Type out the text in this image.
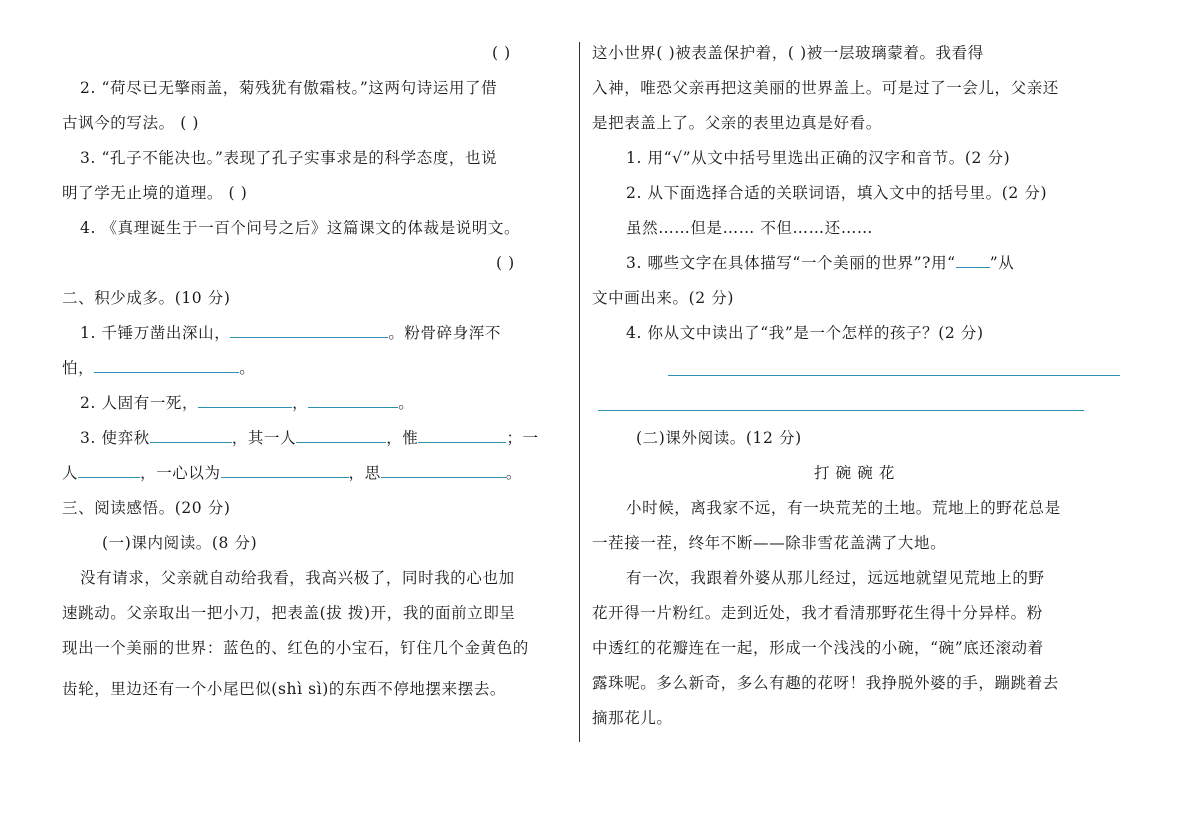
( )
2. “荷尽已无擎雨盖，菊残犹有傲霜枝。”这两句诗运用了借
古讽今的写法。 ( )
3. “孔子不能决也。”表现了孔子实事求是的科学态度，也说
明了学无止境的道理。 ( )
4. 《真理诞生于一百个问号之后》这篇课文的体裁是说明文。
( )
二、积少成多。(10 分)
1. 千锤万凿出深山，	。粉骨碎身浑不
怕，	。
2. 人固有一死，	，	。
3. 使弈秋	，其一人	，惟	；一
人	，一心以为	，思	。
三、阅读感悟。(20 分)
(一)课内阅读。(8 分)
没有请求，父亲就自动给我看，我高兴极了，同时我的心也加
速跳动。父亲取出一把小刀，把表盖(拔 拨)开，我的面前立即呈
现出一个美丽的世界：蓝色的、红色的小宝石，钉住几个金黄色的
齿轮，里边还有一个小尾巴似(shì sì)的东西不停地摆来摆去。
这小世界( )被表盖保护着，( )被一层玻璃蒙着。我看得
入神，唯恐父亲再把这美丽的世界盖上。可是过了一会儿，父亲还
是把表盖上了。父亲的表里边真是好看。
1. 用“√”从文中括号里选出正确的汉字和音节。(2 分)
2. 从下面选择合适的关联词语，填入文中的括号里。(2 分)
虽然……但是…… 不但……还……
3. 哪些文字在具体描写“一个美丽的世界”?用“ ”从
文中画出来。(2 分)
4. 你从文中读出了“我”是一个怎样的孩子？(2 分)
(二)课外阅读。(12 分)
打 碗 碗 花
小时候，离我家不远，有一块荒芜的土地。荒地上的野花总是
一茬接一茬，终年不断——除非雪花盖满了大地。
有一次，我跟着外婆从那儿经过，远远地就望见荒地上的野
花开得一片粉红。走到近处，我才看清那野花生得十分异样。粉
中透红的花瓣连在一起，形成一个浅浅的小碗，“碗”底还滚动着
露珠呢。多么新奇，多么有趣的花呀！我挣脱外婆的手，蹦跳着去
摘那花儿。
